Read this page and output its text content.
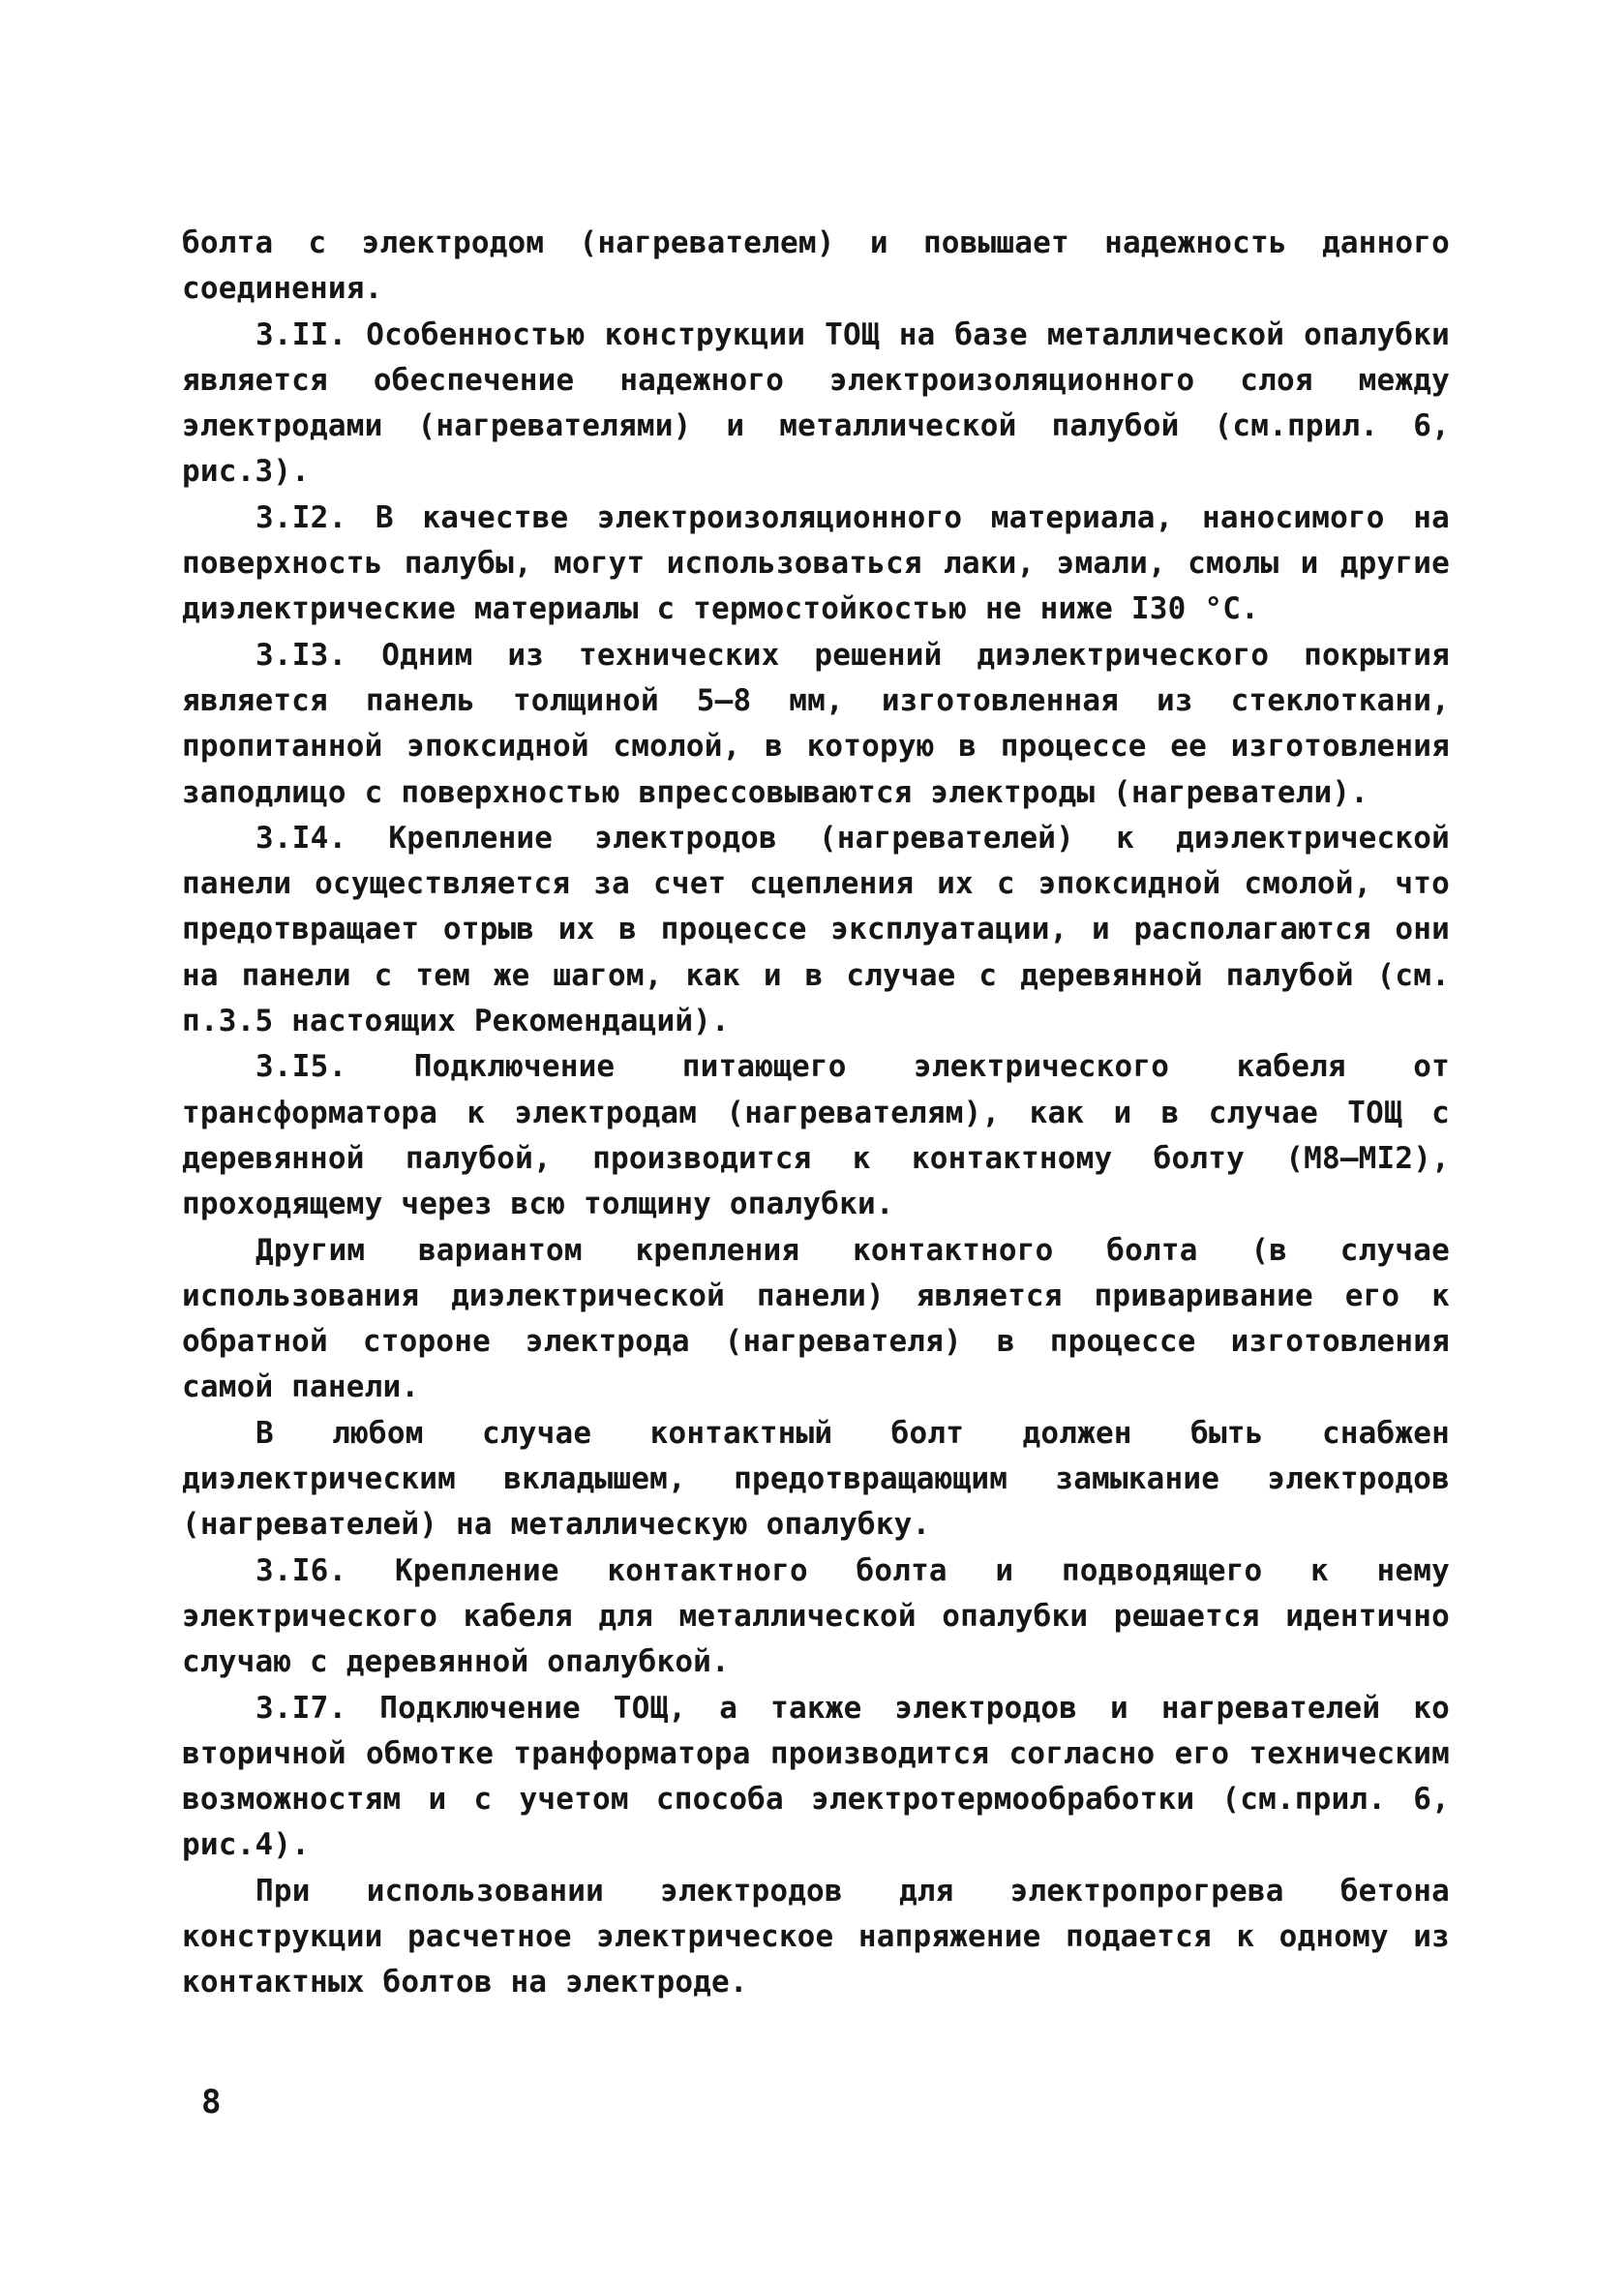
болта с электродом (нагревателем) и повышает надежность данного соединения.

3.II. Особенностью конструкции ТОЩ на базе металлической опалубки является обеспечение надежного электроизоляционного слоя между электродами (нагревателями) и металлической палубой (см.прил. 6, рис.3).

3.I2. В качестве электроизоляционного материала, наносимого на поверхность палубы, могут использоваться лаки, эмали, смолы и другие диэлектрические материалы с термостойкостью не ниже I30 °С.

3.I3. Одним из технических решений диэлектрического покрытия является панель толщиной 5–8 мм, изготовленная из стеклоткани, пропитанной эпоксидной смолой, в которую в процессе ее изготовления заподлицо с поверхностью впрессовываются электроды (нагреватели).

3.I4. Крепление электродов (нагревателей) к диэлектрической панели осуществляется за счет сцепления их с эпоксидной смолой, что предотвращает отрыв их в процессе эксплуатации, и располагаются они на панели с тем же шагом, как и в случае с деревянной палубой (см. п.3.5 настоящих Рекомендаций).

3.I5. Подключение питающего электрического кабеля от трансформатора к электродам (нагревателям), как и в случае ТОЩ с деревянной палубой, производится к контактному болту (М8–МI2), проходящему через всю толщину опалубки.

Другим вариантом крепления контактного болта (в случае использования диэлектрической панели) является приваривание его к обратной стороне электрода (нагревателя) в процессе изготовления самой панели.

В любом случае контактный болт должен быть снабжен диэлектрическим вкладышем, предотвращающим замыкание электродов (нагревателей) на металлическую опалубку.

3.I6. Крепление контактного болта и подводящего к нему электрического кабеля для металлической опалубки решается идентично случаю с деревянной опалубкой.

3.I7. Подключение ТОЩ, а также электродов и нагревателей ко вторичной обмотке транформатора производится согласно его техническим возможностям и с учетом способа электротермообработки (см.прил. 6, рис.4).

При использовании электродов для электропрогрева бетона конструкции расчетное электрическое напряжение подается к одному из контактных болтов на электроде.

8
